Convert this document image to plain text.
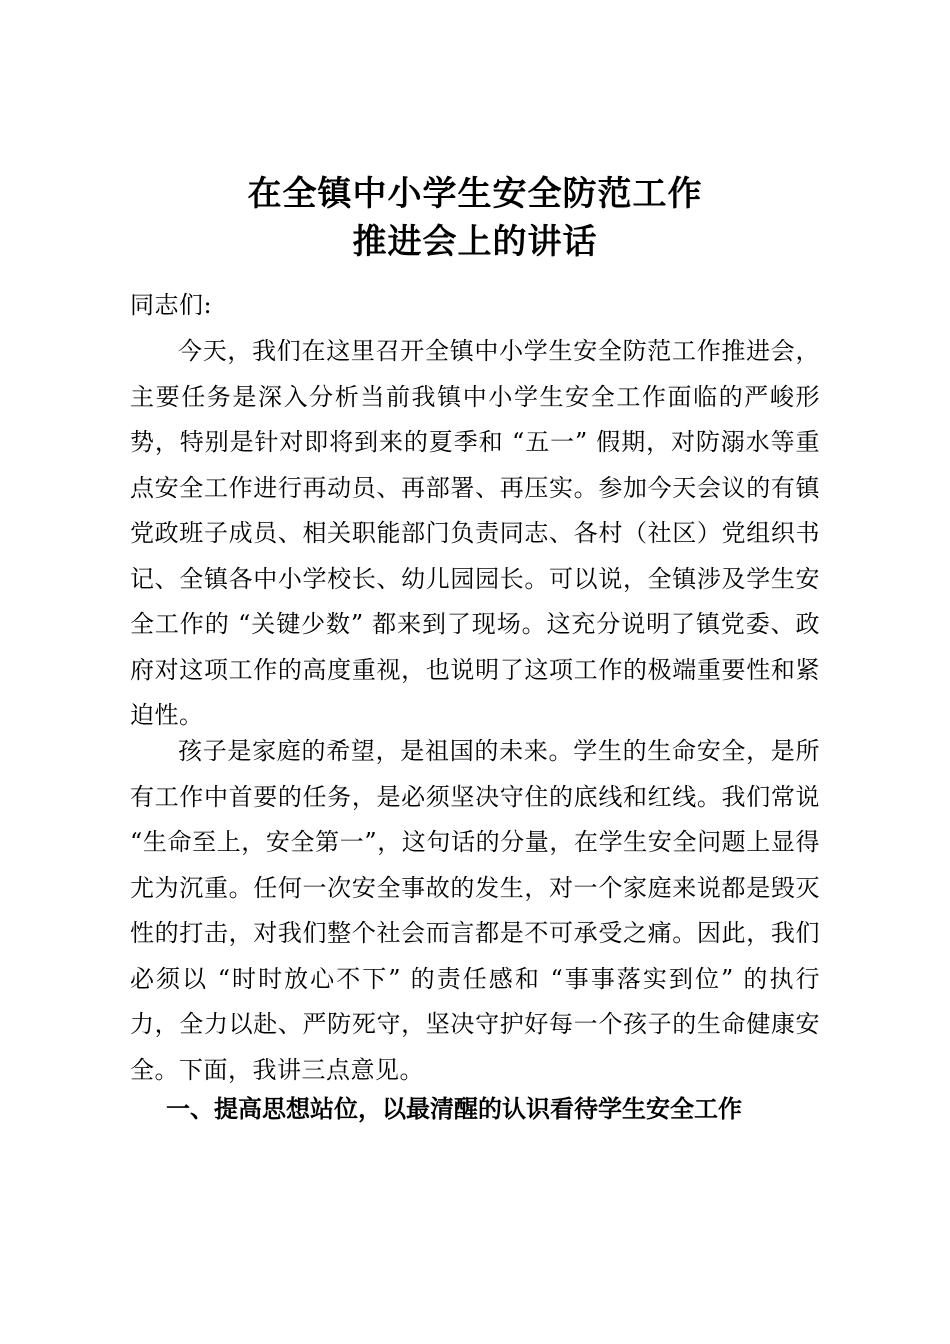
在全镇中小学生安全防范工作
推进会上的讲话
同志们:
今天，我们在这里召开全镇中小学生安全防范工作推进会，主要任务是深入分析当前我镇中小学生安全工作面临的严峻形势，特别是针对即将到来的夏季和 “五一” 假期，对防溺水等重点安全工作进行再动员、再部署、再压实。参加今天会议的有镇党政班子成员、相关职能部门负责同志、各村（社区）党组织书记、全镇各中小学校长、幼儿园园长。可以说，全镇涉及学生安全工作的 “关键少数” 都来到了现场。这充分说明了镇党委、政府对这项工作的高度重视，也说明了这项工作的极端重要性和紧迫性。
孩子是家庭的希望，是祖国的未来。学生的生命安全，是所有工作中首要的任务，是必须坚决守住的底线和红线。我们常说 “生命至上，安全第一”，这句话的分量，在学生安全问题上显得尤为沉重。任何一次安全事故的发生，对一个家庭来说都是毁灭性的打击，对我们整个社会而言都是不可承受之痛。因此，我们必须以 “时时放心不下” 的责任感和 “事事落实到位” 的执行力，全力以赴、严防死守，坚决守护好每一个孩子的生命健康安全。下面，我讲三点意见。
一、提高思想站位，以最清醒的认识看待学生安全工作
